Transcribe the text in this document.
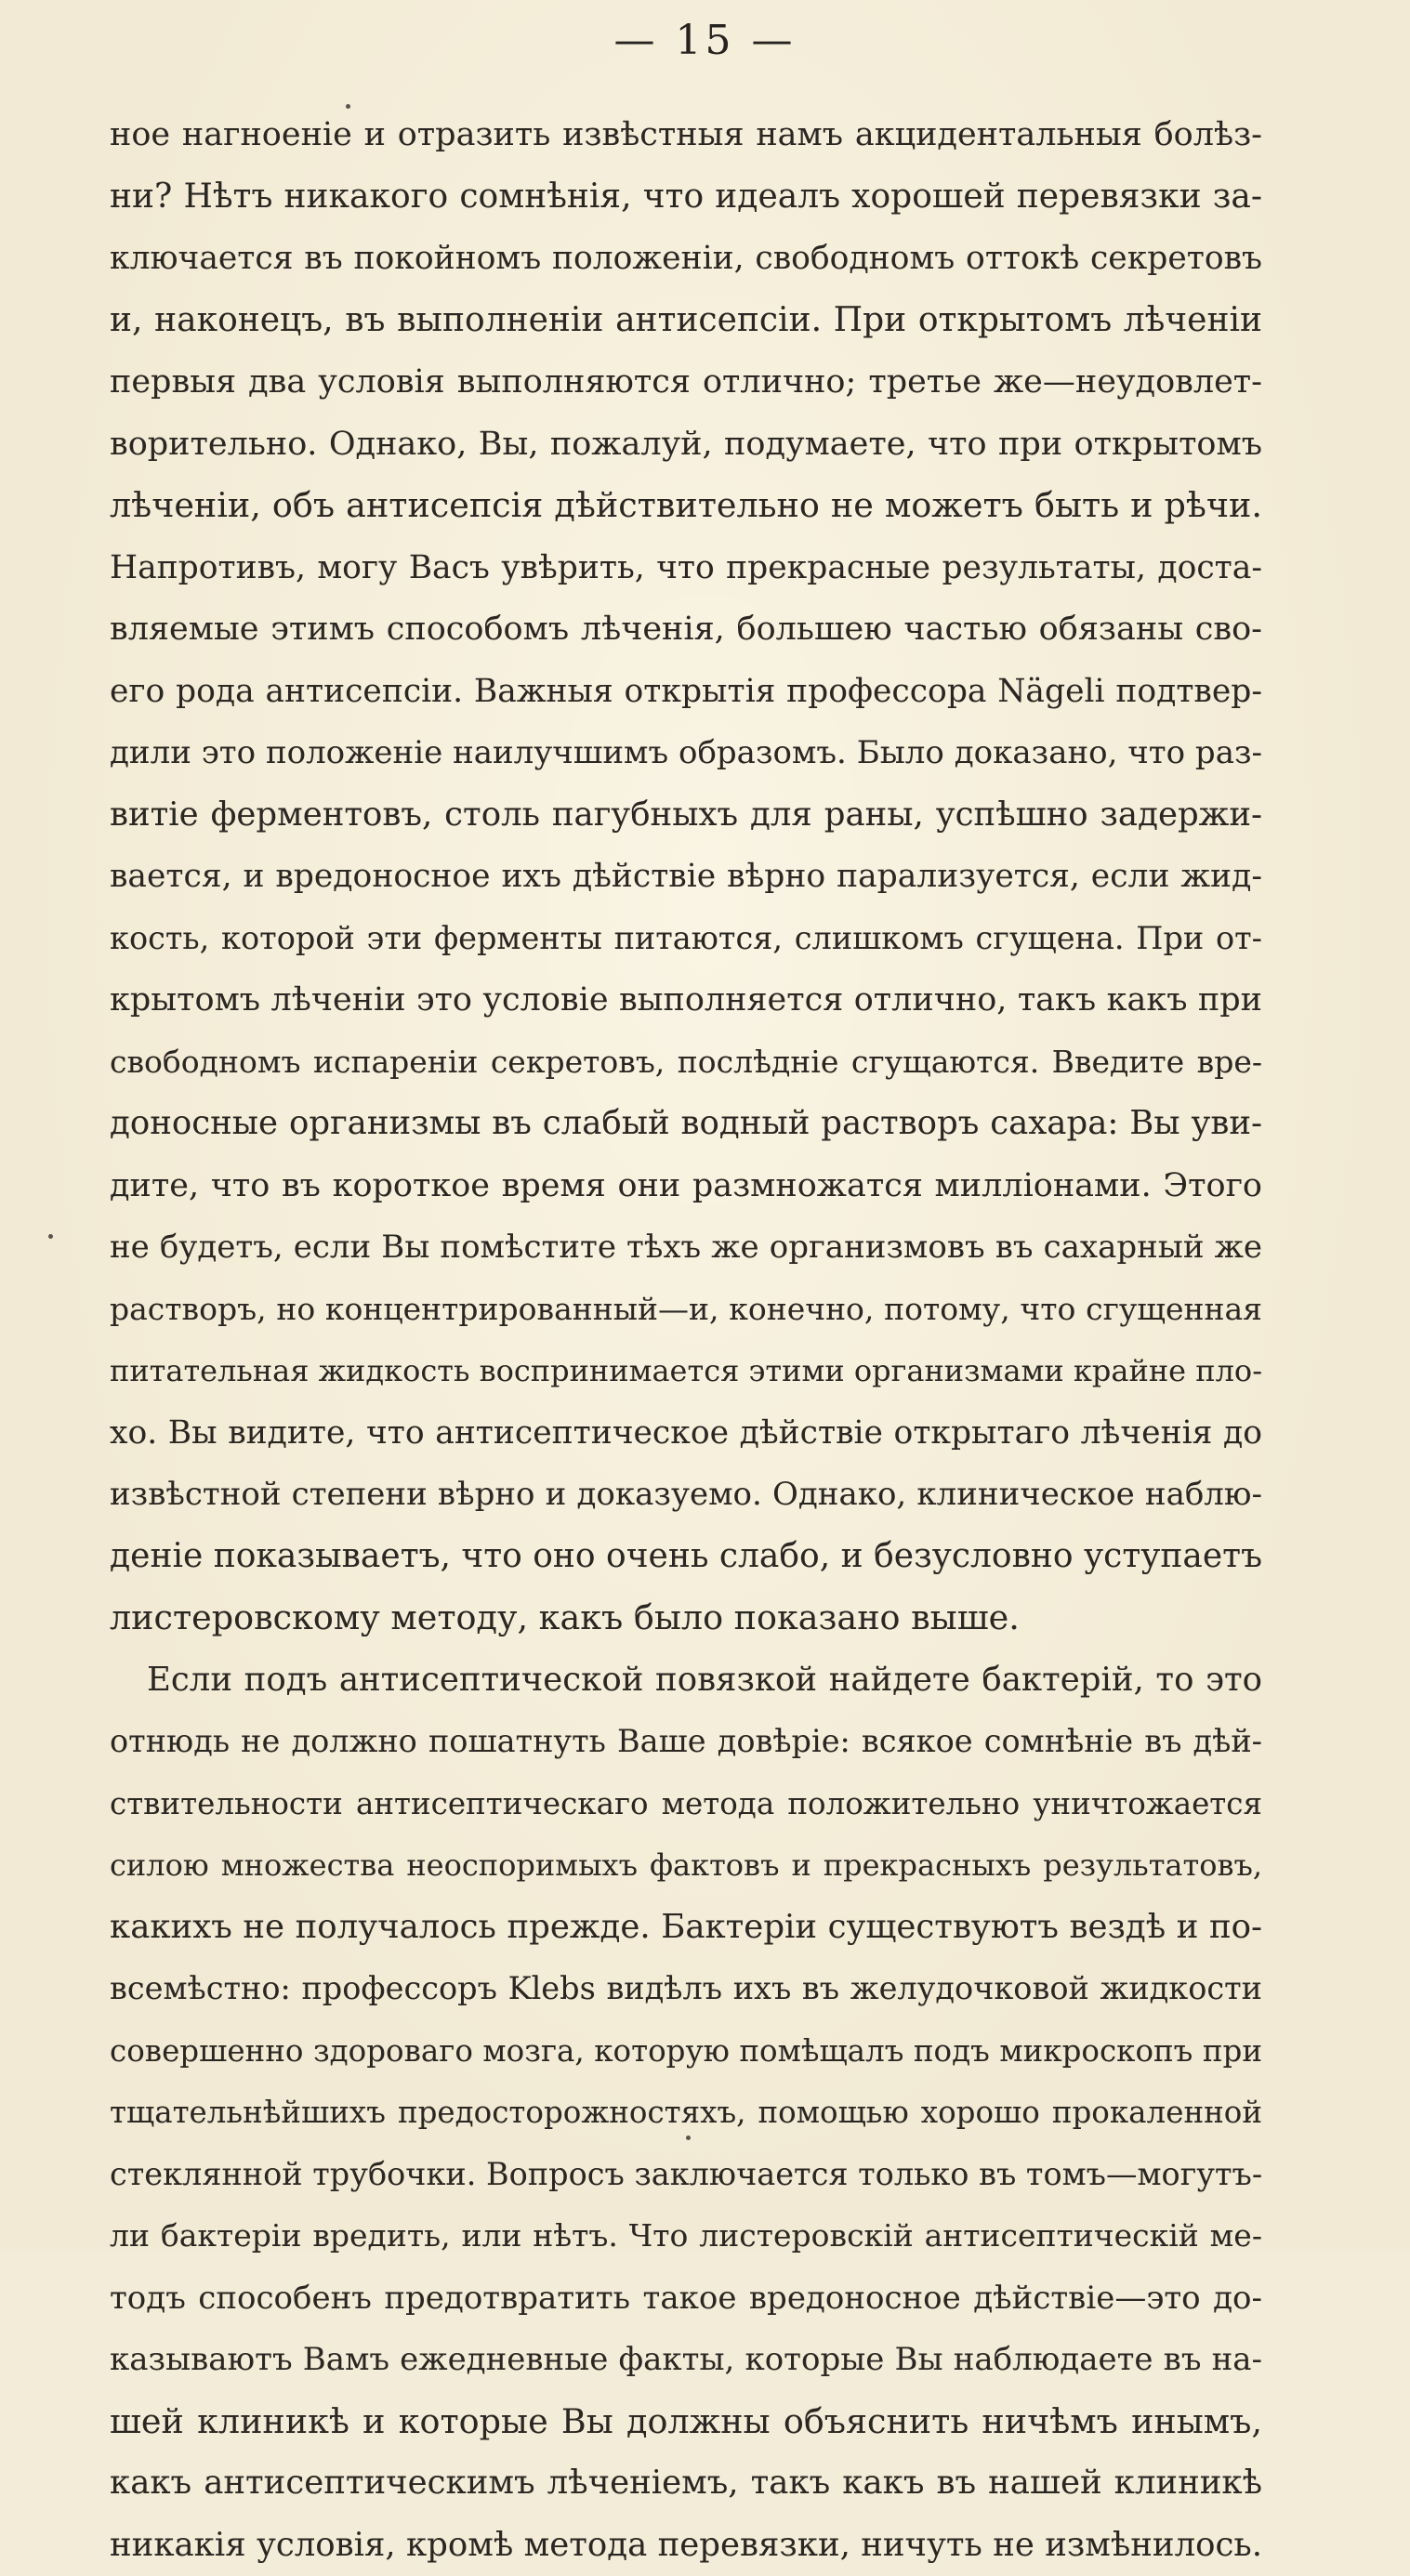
— 15 —
ное нагноеніе и отразить извѣстныя намъ акцидентальныя болѣз-
ни? Нѣтъ никакого сомнѣнія, что идеалъ хорошей перевязки за-
ключается въ покойномъ положеніи, свободномъ оттокѣ секретовъ
и, наконецъ, въ выполненіи антисепсіи. При открытомъ лѣченіи
первыя два условія выполняются отлично; третье же—неудовлет-
ворительно. Однако, Вы, пожалуй, подумаете, что при открытомъ
лѣченіи, объ антисепсія дѣйствительно не можетъ быть и рѣчи.
Напротивъ, могу Васъ увѣрить, что прекрасные результаты, доста-
вляемые этимъ способомъ лѣченія, большею частью обязаны сво-
его рода антисепсіи. Важныя открытія профессора Nägeli подтвер-
дили это положеніе наилучшимъ образомъ. Было доказано, что раз-
витіе ферментовъ, столь пагубныхъ для раны, успѣшно задержи-
вается, и вредоносное ихъ дѣйствіе вѣрно парализуется, если жид-
кость, которой эти ферменты питаются, слишкомъ сгущена. При от-
крытомъ лѣченіи это условіе выполняется отлично, такъ какъ при
свободномъ испареніи секретовъ, послѣдніе сгущаются. Введите вре-
доносные организмы въ слабый водный растворъ сахара: Вы уви-
дите, что въ короткое время они размножатся милліонами. Этого
не будетъ, если Вы помѣстите тѣхъ же организмовъ въ сахарный же
растворъ, но концентрированный—и, конечно, потому, что сгущенная
питательная жидкость воспринимается этими организмами крайне пло-
хо. Вы видите, что антисептическое дѣйствіе открытаго лѣченія до
извѣстной степени вѣрно и доказуемо. Однако, клиническое наблю-
деніе показываетъ, что оно очень слабо, и безусловно уступаетъ
листеровскому методу, какъ было показано выше.
Если подъ антисептической повязкой найдете бактерій, то это
отнюдь не должно пошатнуть Ваше довѣріе: всякое сомнѣніе въ дѣй-
ствительности антисептическаго метода положительно уничтожается
силою множества неоспоримыхъ фактовъ и прекрасныхъ результатовъ,
какихъ не получалось прежде. Бактеріи существуютъ вездѣ и по-
всемѣстно: профессоръ Klebs видѣлъ ихъ въ желудочковой жидкости
совершенно здороваго мозга, которую помѣщалъ подъ микроскопъ при
тщательнѣйшихъ предосторожностяхъ, помощью хорошо прокаленной
стеклянной трубочки. Вопросъ заключается только въ томъ—могутъ-
ли бактеріи вредить, или нѣтъ. Что листеровскій антисептическій ме-
тодъ способенъ предотвратить такое вредоносное дѣйствіе—это до-
казываютъ Вамъ ежедневные факты, которые Вы наблюдаете въ на-
шей клиникѣ и которые Вы должны объяснить ничѣмъ инымъ,
какъ антисептическимъ лѣченіемъ, такъ какъ въ нашей клиникѣ
никакія условія, кромѣ метода перевязки, ничуть не измѣнилось.
